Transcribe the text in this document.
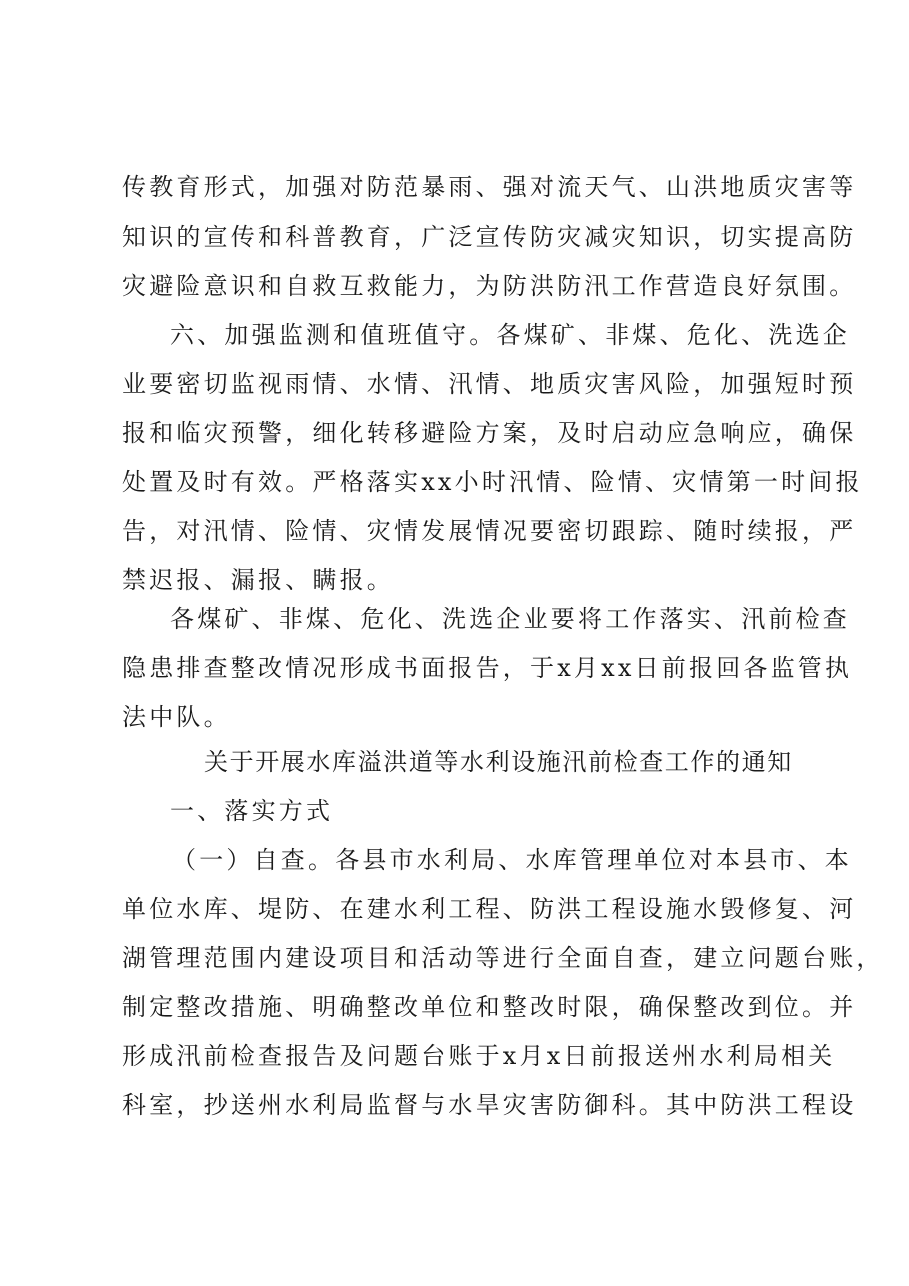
传教育形式，加强对防范暴雨、强对流天气、山洪地质灾害等
知识的宣传和科普教育，广泛宣传防灾减灾知识，切实提高防
灾避险意识和自救互救能力，为防洪防汛工作营造良好氛围。
六、加强监测和值班值守。各煤矿、非煤、危化、洗选企
业要密切监视雨情、水情、汛情、地质灾害风险，加强短时预
报和临灾预警，细化转移避险方案，及时启动应急响应，确保
处置及时有效。严格落实xx小时汛情、险情、灾情第一时间报
告，对汛情、险情、灾情发展情况要密切跟踪、随时续报，严
禁迟报、漏报、瞒报。
各煤矿、非煤、危化、洗选企业要将工作落实、汛前检查
隐患排查整改情况形成书面报告，于x月xx日前报回各监管执
法中队。
关于开展水库溢洪道等水利设施汛前检查工作的通知
一、落实方式
（一）自查。各县市水利局、水库管理单位对本县市、本
单位水库、堤防、在建水利工程、防洪工程设施水毁修复、河
湖管理范围内建设项目和活动等进行全面自查，建立问题台账，
制定整改措施、明确整改单位和整改时限，确保整改到位。并
形成汛前检查报告及问题台账于x月x日前报送州水利局相关
科室，抄送州水利局监督与水旱灾害防御科。其中防洪工程设
